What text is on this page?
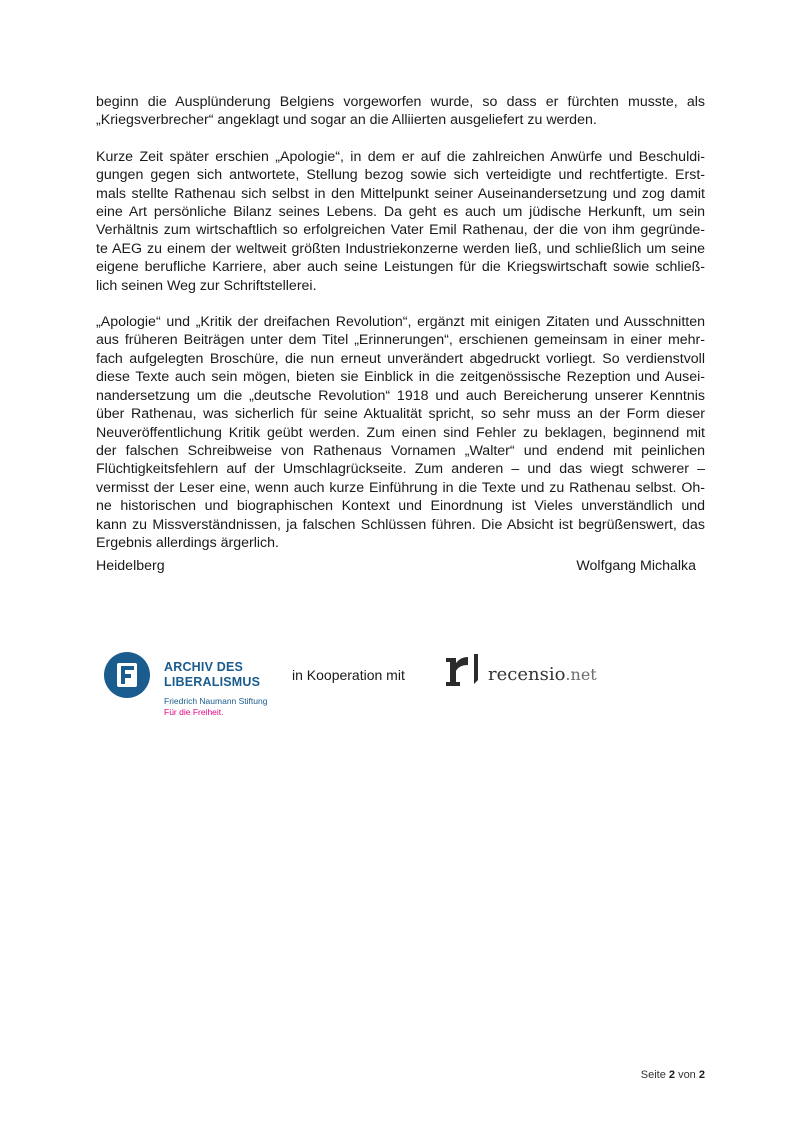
beginn die Ausplünderung Belgiens vorgeworfen wurde, so dass er fürchten musste, als
„Kriegsverbrecher“ angeklagt und sogar an die Alliierten ausgeliefert zu werden.
Kurze Zeit später erschien „Apologie“, in dem er auf die zahlreichen Anwürfe und Beschuldi-
gungen gegen sich antwortete, Stellung bezog sowie sich verteidigte und rechtfertigte. Erst-
mals stellte Rathenau sich selbst in den Mittelpunkt seiner Auseinandersetzung und zog damit
eine Art persönliche Bilanz seines Lebens. Da geht es auch um jüdische Herkunft, um sein
Verhältnis zum wirtschaftlich so erfolgreichen Vater Emil Rathenau, der die von ihm gegründe-
te AEG zu einem der weltweit größten Industriekonzerne werden ließ, und schließlich um seine
eigene berufliche Karriere, aber auch seine Leistungen für die Kriegswirtschaft sowie schließ-
lich seinen Weg zur Schriftstellerei.
„Apologie“ und „Kritik der dreifachen Revolution“, ergänzt mit einigen Zitaten und Ausschnitten
aus früheren Beiträgen unter dem Titel „Erinnerungen“, erschienen gemeinsam in einer mehr-
fach aufgelegten Broschüre, die nun erneut unverändert abgedruckt vorliegt. So verdienstvoll
diese Texte auch sein mögen, bieten sie Einblick in die zeitgenössische Rezeption und Ausei-
nandersetzung um die „deutsche Revolution“ 1918 und auch Bereicherung unserer Kenntnis
über Rathenau, was sicherlich für seine Aktualität spricht, so sehr muss an der Form dieser
Neuveröffentlichung Kritik geübt werden. Zum einen sind Fehler zu beklagen, beginnend mit
der falschen Schreibweise von Rathenaus Vornamen „Walter“ und endend mit peinlichen
Flüchtigkeitsfehlern auf der Umschlagrückseite. Zum anderen – und das wiegt schwerer –
vermisst der Leser eine, wenn auch kurze Einführung in die Texte und zu Rathenau selbst. Oh-
ne historischen und biographischen Kontext und Einordnung ist Vieles unverständlich und
kann zu Missverständnissen, ja falschen Schlüssen führen. Die Absicht ist begrüßenswert, das
Ergebnis allerdings ärgerlich.
Heidelberg	Wolfgang Michalka
ARCHIV DES
LIBERALISMUS
Friedrich Naumann Stiftung
Für die Freiheit.
in Kooperation mit	recensio.net
Seite 2 von 2
